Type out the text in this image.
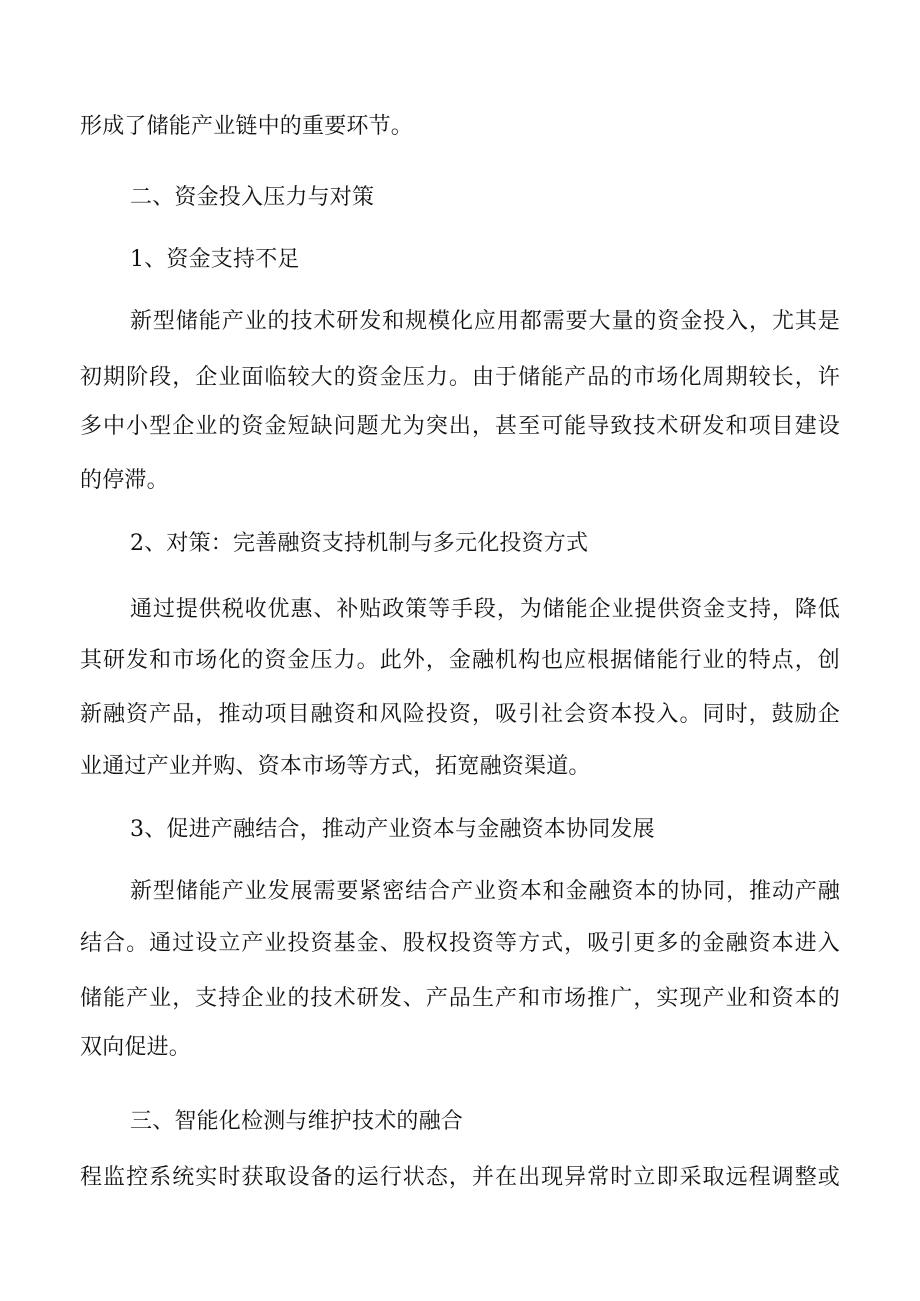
形成了储能产业链中的重要环节。
二、资金投入压力与对策
1、资金支持不足
新型储能产业的技术研发和规模化应用都需要大量的资金投入，尤其是
初期阶段，企业面临较大的资金压力。由于储能产品的市场化周期较长，许
多中小型企业的资金短缺问题尤为突出，甚至可能导致技术研发和项目建设
的停滞。
2、对策：完善融资支持机制与多元化投资方式
通过提供税收优惠、补贴政策等手段，为储能企业提供资金支持，降低
其研发和市场化的资金压力。此外，金融机构也应根据储能行业的特点，创
新融资产品，推动项目融资和风险投资，吸引社会资本投入。同时，鼓励企
业通过产业并购、资本市场等方式，拓宽融资渠道。
3、促进产融结合，推动产业资本与金融资本协同发展
新型储能产业发展需要紧密结合产业资本和金融资本的协同，推动产融
结合。通过设立产业投资基金、股权投资等方式，吸引更多的金融资本进入
储能产业，支持企业的技术研发、产品生产和市场推广，实现产业和资本的
双向促进。
三、智能化检测与维护技术的融合
程监控系统实时获取设备的运行状态，并在出现异常时立即采取远程调整或
